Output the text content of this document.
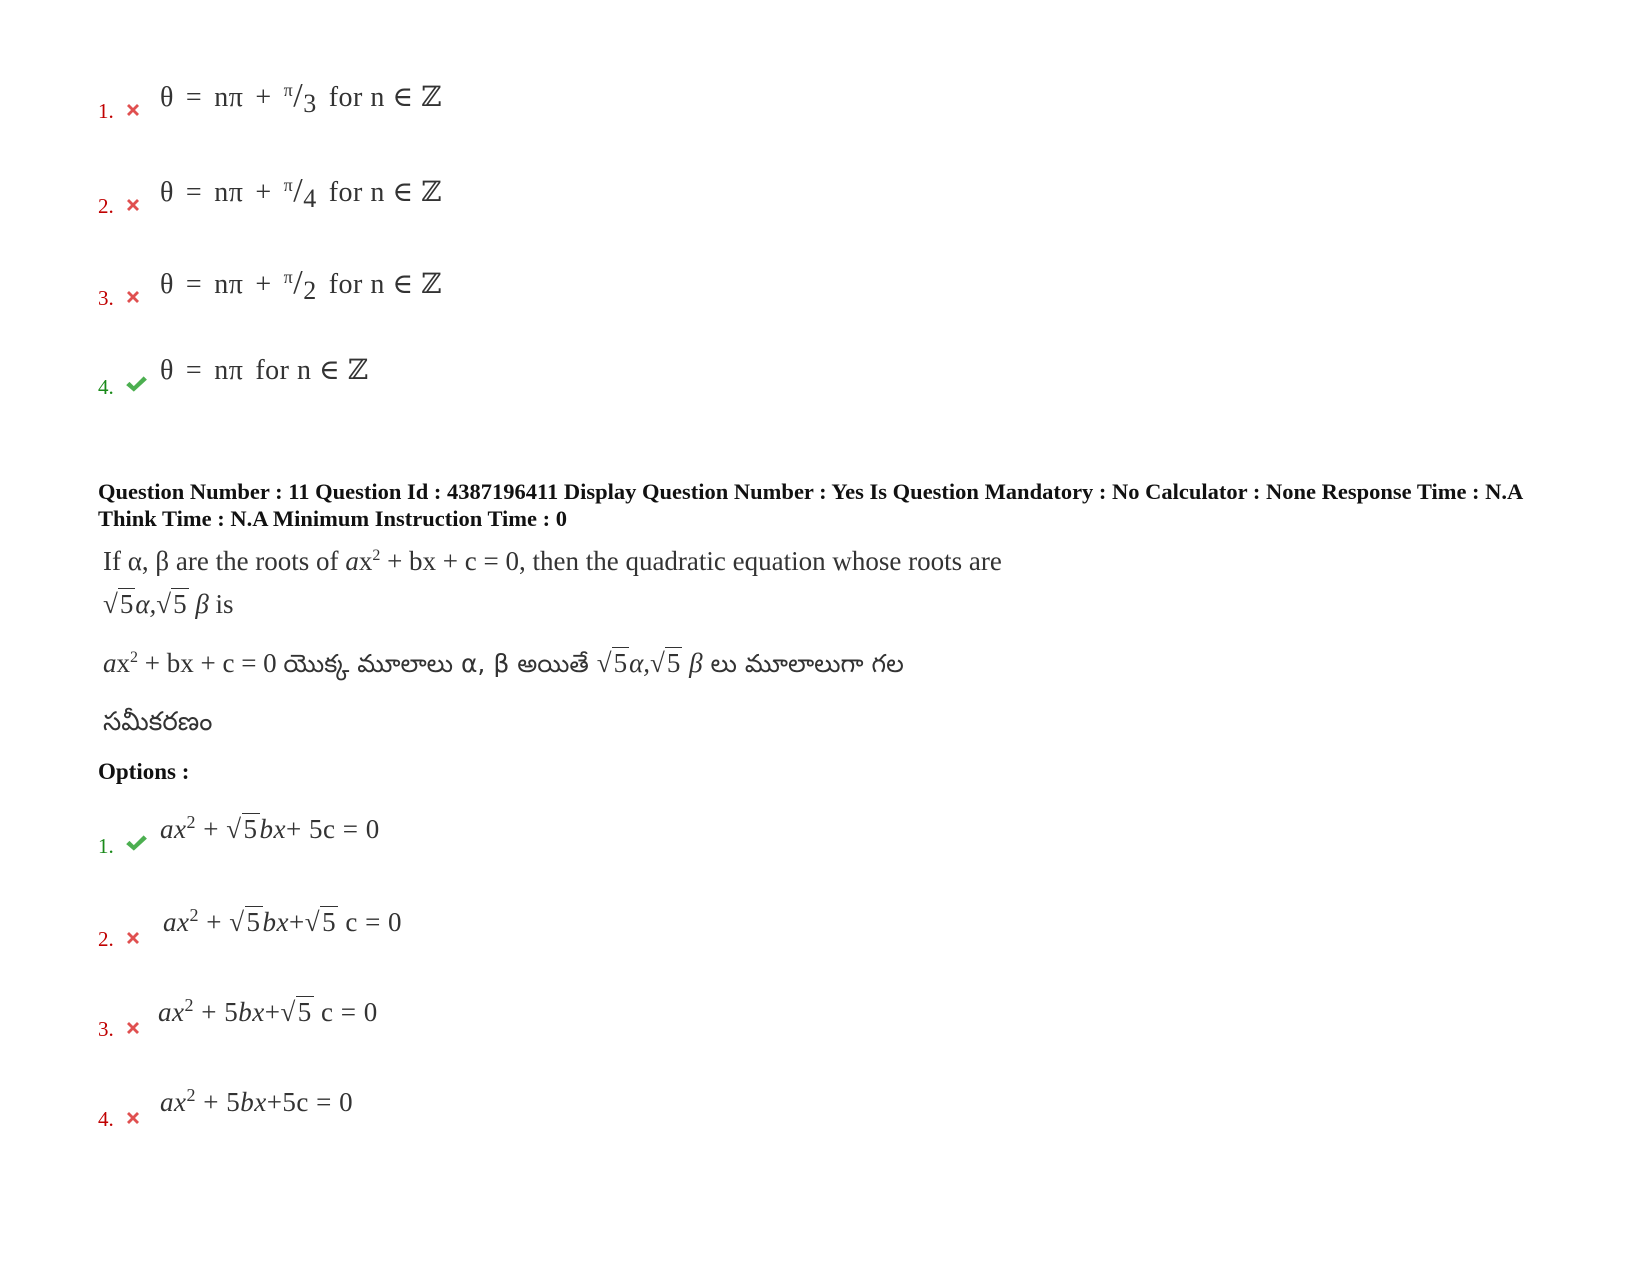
1. θ = nπ + $^\pi$/3 for n ∈ ℤ
2. θ = nπ + $^\pi$/4 for n ∈ ℤ
3. θ = nπ + $^\pi$/2 for n ∈ ℤ
4.
θ = nπ for n ∈ ℤ
Question Number : 11 Question Id : 4387196411 Display Question Number : Yes Is Question Mandatory : No Calculator : None Response Time : N.A Think Time : N.A Minimum Instruction Time : 0
If α, β are the roots of $ax^2$ + bx + c = 0, then the quadratic equation whose roots are
√5α,√5 β is
$ax^2$ + bx + c = 0 యొక్క మూలాలు α, β అయితే √5α,√5 β లు మూలాలుగా గల
సమీకరణం
Options :
1.
$ax^2 + √5bx+ 5c = 0$
2.
$ax^2 + √5bx+√5$ c = 0
3.
$ax^2 + 5bx+√5$ c = 0
4.
$ax^2 + 5bx+5c = 0$
